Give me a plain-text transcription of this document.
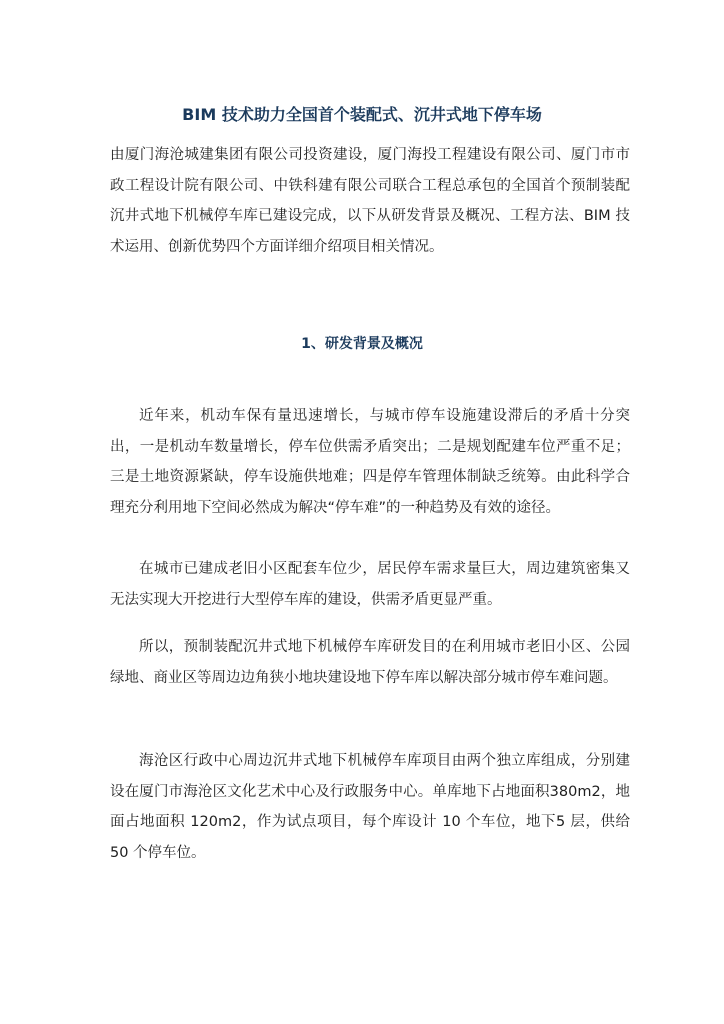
BIM 技术助力全国首个装配式、沉井式地下停车场

由厦门海沧城建集团有限公司投资建设，厦门海投工程建设有限公司、厦门市市政工程设计院有限公司、中铁科建有限公司联合工程总承包的全国首个预制装配沉井式地下机械停车库已建设完成，以下从研发背景及概况、工程方法、BIM 技术运用、创新优势四个方面详细介绍项目相关情况。

1、研发背景及概况

近年来，机动车保有量迅速增长，与城市停车设施建设滞后的矛盾十分突出，一是机动车数量增长，停车位供需矛盾突出；二是规划配建车位严重不足；三是土地资源紧缺，停车设施供地难；四是停车管理体制缺乏统筹。由此科学合理充分利用地下空间必然成为解决“停车难”的一种趋势及有效的途径。

在城市已建成老旧小区配套车位少，居民停车需求量巨大，周边建筑密集又无法实现大开挖进行大型停车库的建设，供需矛盾更显严重。

所以，预制装配沉井式地下机械停车库研发目的在利用城市老旧小区、公园绿地、商业区等周边边角狭小地块建设地下停车库以解决部分城市停车难问题。

海沧区行政中心周边沉井式地下机械停车库项目由两个独立库组成，分别建设在厦门市海沧区文化艺术中心及行政服务中心。单库地下占地面积380m2，地面占地面积 120m2，作为试点项目，每个库设计 10 个车位，地下5 层，供给 50 个停车位。
